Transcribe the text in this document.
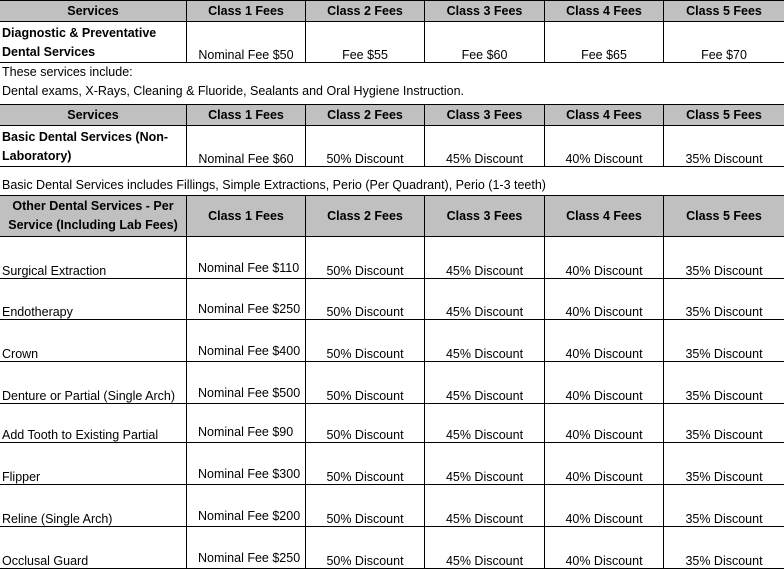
Services	Class 1 Fees	Class 2 Fees	Class 3 Fees	Class 4 Fees	Class 5 Fees
Diagnostic & Preventative Dental Services	Nominal Fee $50	Fee $55	Fee $60	Fee $65	Fee $70
These services include:
Dental exams, X-Rays, Cleaning & Fluoride, Sealants and Oral Hygiene Instruction.
Services	Class 1 Fees	Class 2 Fees	Class 3 Fees	Class 4 Fees	Class 5 Fees
Basic Dental Services (Non-Laboratory)	Nominal Fee $60	50% Discount	45% Discount	40% Discount	35% Discount
Basic Dental Services includes Fillings, Simple Extractions, Perio (Per Quadrant), Perio (1-3 teeth)
Other Dental Services - Per Service (Including Lab Fees)	Class 1 Fees	Class 2 Fees	Class 3 Fees	Class 4 Fees	Class 5 Fees
Surgical Extraction	Nominal Fee $110	50% Discount	45% Discount	40% Discount	35% Discount
Endotherapy	Nominal Fee $250	50% Discount	45% Discount	40% Discount	35% Discount
Crown	Nominal Fee $400	50% Discount	45% Discount	40% Discount	35% Discount
Denture or Partial (Single Arch)	Nominal Fee $500	50% Discount	45% Discount	40% Discount	35% Discount
Add Tooth to Existing Partial	Nominal Fee $90	50% Discount	45% Discount	40% Discount	35% Discount
Flipper	Nominal Fee $300	50% Discount	45% Discount	40% Discount	35% Discount
Reline (Single Arch)	Nominal Fee $200	50% Discount	45% Discount	40% Discount	35% Discount
Occlusal Guard	Nominal Fee $250	50% Discount	45% Discount	40% Discount	35% Discount
